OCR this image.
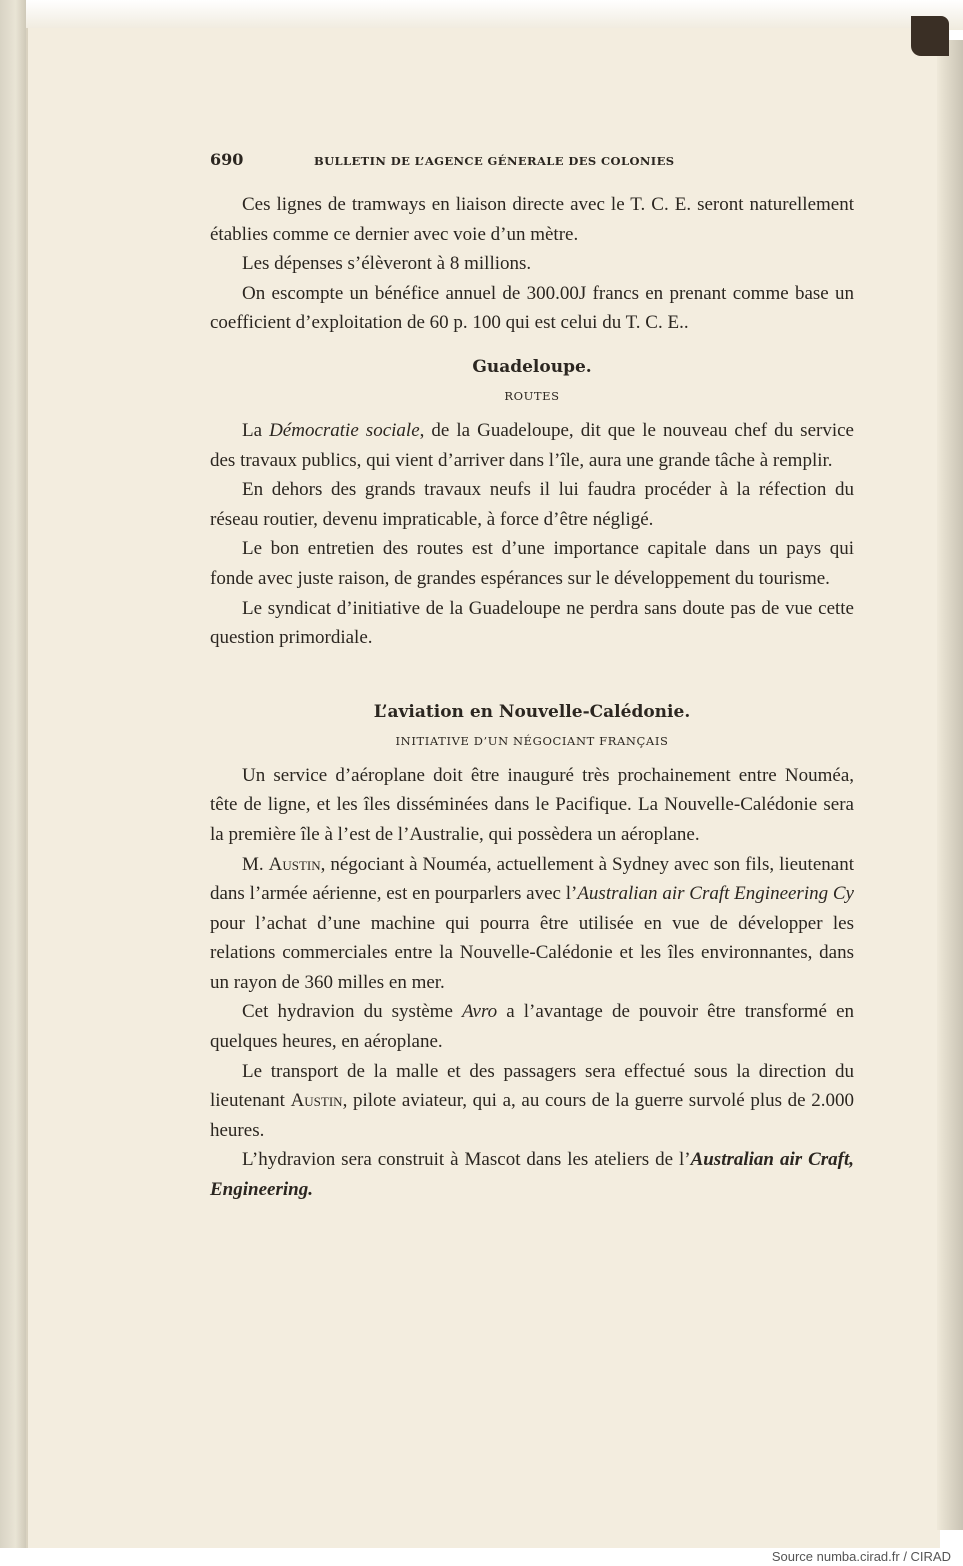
690	BULLETIN DE L’AGENCE GÉNERALE DES COLONIES

Ces lignes de tramways en liaison directe avec le T. C. E. seront naturellement établies comme ce dernier avec voie d’un mètre.

Les dépenses s’élèveront à 8 millions.

On escompte un bénéfice annuel de 300.00J francs en prenant comme base un coefficient d’exploitation de 60 p. 100 qui est celui du T. C. E..

Guadeloupe.
ROUTES

La Démocratie sociale, de la Guadeloupe, dit que le nouveau chef du service des travaux publics, qui vient d’arriver dans l’île, aura une grande tâche à remplir.

En dehors des grands travaux neufs il lui faudra procéder à la réfection du réseau routier, devenu impraticable, à force d’être négligé.

Le bon entretien des routes est d’une importance capitale dans un pays qui fonde avec juste raison, de grandes espérances sur le développement du tourisme.

Le syndicat d’initiative de la Guadeloupe ne perdra sans doute pas de vue cette question primordiale.

L’aviation en Nouvelle-Calédonie.
INITIATIVE D’UN NÉGOCIANT FRANÇAIS

Un service d’aéroplane doit être inauguré très prochainement entre Nouméa, tête de ligne, et les îles disséminées dans le Pacifique. La Nouvelle-Calédonie sera la première île à l’est de l’Australie, qui possèdera un aéroplane.

M. Austin, négociant à Nouméa, actuellement à Sydney avec son fils, lieutenant dans l’armée aérienne, est en pourparlers avec l’Australian air Craft Engineering Cy pour l’achat d’une machine qui pourra être utilisée en vue de développer les relations commerciales entre la Nouvelle-Calédonie et les îles environnantes, dans un rayon de 360 milles en mer.

Cet hydravion du système Avro a l’avantage de pouvoir être transformé en quelques heures, en aéroplane.

Le transport de la malle et des passagers sera effectué sous la direction du lieutenant Austin, pilote aviateur, qui a, au cours de la guerre survolé plus de 2.000 heures.

L’hydravion sera construit à Mascot dans les ateliers de l’Australian air Craft, Engineering.

Source numba.cirad.fr / CIRAD
